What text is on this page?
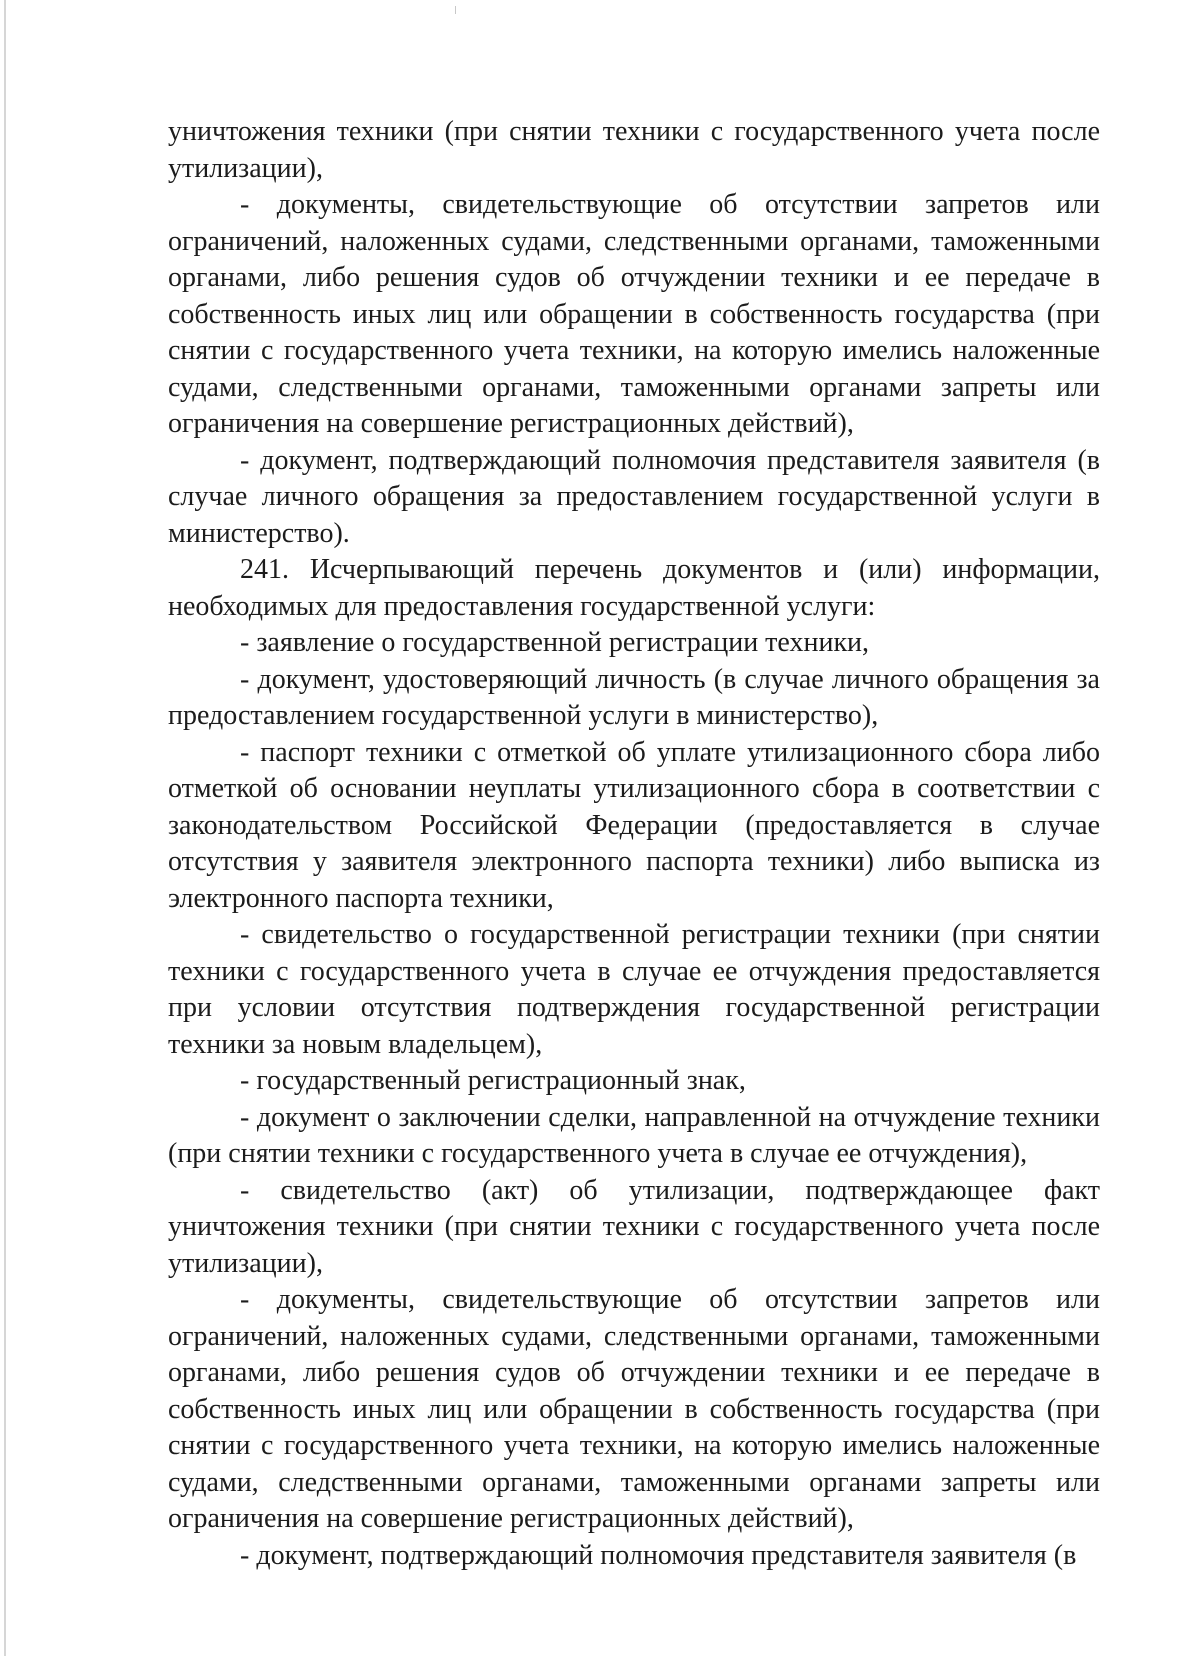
уничтожения техники (при снятии техники с государственного учета после утилизации),

- документы, свидетельствующие об отсутствии запретов или ограничений, наложенных судами, следственными органами, таможенными органами, либо решения судов об отчуждении техники и ее передаче в собственность иных лиц или обращении в собственность государства (при снятии с государственного учета техники, на которую имелись наложенные судами, следственными органами, таможенными органами запреты или ограничения на совершение регистрационных действий),

- документ, подтверждающий полномочия представителя заявителя (в случае личного обращения за предоставлением государственной услуги в министерство).

241. Исчерпывающий перечень документов и (или) информации, необходимых для предоставления государственной услуги:

- заявление о государственной регистрации техники,

- документ, удостоверяющий личность (в случае личного обращения за предоставлением государственной услуги в министерство),

- паспорт техники с отметкой об уплате утилизационного сбора либо отметкой об основании неуплаты утилизационного сбора в соответствии с законодательством Российской Федерации (предоставляется в случае отсутствия у заявителя электронного паспорта техники) либо выписка из электронного паспорта техники,

- свидетельство о государственной регистрации техники (при снятии техники с государственного учета в случае ее отчуждения предоставляется при условии отсутствия подтверждения государственной регистрации техники за новым владельцем),

- государственный регистрационный знак,

- документ о заключении сделки, направленной на отчуждение техники (при снятии техники с государственного учета в случае ее отчуждения),

- свидетельство (акт) об утилизации, подтверждающее факт уничтожения техники (при снятии техники с государственного учета после утилизации),

- документы, свидетельствующие об отсутствии запретов или ограничений, наложенных судами, следственными органами, таможенными органами, либо решения судов об отчуждении техники и ее передаче в собственность иных лиц или обращении в собственность государства (при снятии с государственного учета техники, на которую имелись наложенные судами, следственными органами, таможенными органами запреты или ограничения на совершение регистрационных действий),

- документ, подтверждающий полномочия представителя заявителя (в
